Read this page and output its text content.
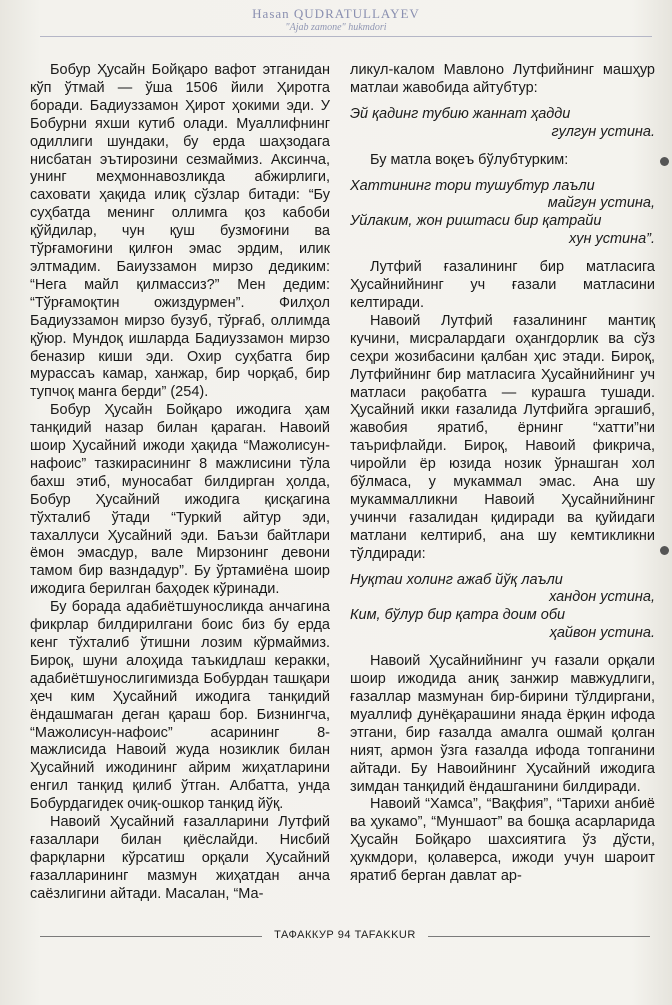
Hasan QUDRATULLAYEV
"Ajab zamone" hukmdori

Бобур Ҳусайн Бойқаро вафот этганидан кўп ўтмай — ўша 1506 йили Ҳиротга боради. Бадиуззамон Ҳирот ҳокими эди. У Бобурни яхши кутиб олади. Муаллифнинг одиллиги шундаки, бу ерда шаҳзодага нисбатан эътирозини сезмаймиз. Аксинча, унинг меҳмоннавозликда абжирлиги, саховати ҳақида илиқ сўзлар битади: “Бу суҳбатда менинг оллимга қоз кабоби қўйдилар, чун қуш бузмоғини ва тўрғамоғини қилғон эмас эрдим, илик элтмадим. Баиуззамон мирзо дедиким: “Нега майл қилмассиз?” Мен дедим: “Тўрғамоқтин ожиздурмен”. Филҳол Бадиуззамон мирзо бузуб, тўрғаб, оллимда қўюр. Мундоқ ишларда Бадиуззамон мирзо беназир киши эди. Охир суҳбатга бир мурассаъ камар, ханжар, бир чорқаб, бир тупчоқ манга берди” (254).

Бобур Ҳусайн Бойқаро ижодига ҳам танқидий назар билан қараган. Навоий шоир Ҳусайний ижоди ҳақида “Мажолисун-нафоис” тазкирасининг 8 мажлисини тўла бахш этиб, муносабат билдирган ҳолда, Бобур Ҳусайний ижодига қисқагина тўхталиб ўтади “Туркий айтур эди, тахаллуси Ҳусайний эди. Баъзи байтлари ёмон эмасдур, вале Мирзонинг девони тамом бир вазндадур”. Бу ўртамиёна шоир ижодига берилган баҳодек кўринади.

Бу борада адабиётшуносликда анчагина фикрлар билдирилгани боис биз бу ерда кенг тўхталиб ўтишни лозим кўрмаймиз. Бироқ, шуни алоҳида таъкидлаш керакки, адабиётшунослигимизда Бобурдан ташқари ҳеч ким Ҳусайний ижодига танқидий ёндашмаган деган қараш бор. Бизнингча, “Мажолисун-нафоис” асарининг 8-мажлисида Навоий жуда нозиклик билан Ҳусайний ижодининг айрим жиҳатларини енгил танқид қилиб ўтган. Албатта, унда Бобурдагидек очиқ-ошкор танқид йўқ.

Навоий Ҳусайний ғазалларини Лутфий ғазаллари билан қиёслайди. Нисбий фарқларни кўрсатиш орқали Ҳусайний ғазалларининг мазмун жиҳатдан анча саёзлигини айтади. Масалан, “Ма-

ликул-калом Мавлоно Лутфийнинг машҳур матлаи жавобида айтубтур:

Эй қадинг тубию жаннат ҳадди
гулгун устина.

Бу матла воқеъ бўлубтурким:

Хаттининг тори тушубтур лаъли
майгун устина,
Уйлаким, жон риштаси бир қатрайи
хун устина”.

Лутфий ғазалининг бир матласига Ҳусайнийнинг уч ғазали матласини келтиради.

Навоий Лутфий ғазалининг мантиқ кучини, мисралардаги оҳангдорлик ва сўз сеҳри жозибасини қалбан ҳис этади. Бироқ, Лутфийнинг бир матласига Ҳусайнийнинг уч матласи рақобатга — курашга тушади. Ҳусайний икки ғазалида Лутфийга эргашиб, жавобия яратиб, ёрнинг “хатти”ни таърифлайди. Бироқ, Навоий фикрича, чиройли ёр юзида нозик ўрнашган хол бўлмаса, у мукаммал эмас. Ана шу мукаммалликни Навоий Ҳусайнийнинг учинчи ғазалидан қидиради ва қуйидаги матлани келтириб, ана шу кемтикликни тўлдиради:

Нуқтаи холинг ажаб йўқ лаъли
хандон устина,
Ким, бўлур бир қатра доим оби
ҳайвон устина.

Навоий Ҳусайнийнинг уч ғазали орқали шоир ижодида аниқ занжир мавжудлиги, ғазаллар мазмунан бир-бирини тўлдиргани, муаллиф дунёқарашини янада ёрқин ифода этгани, бир ғазалда амалга ошмай қолган ният, армон ўзга ғазалда ифода топганини айтади. Бу Навоийнинг Ҳусайний ижодига зимдан танқидий ёндашганини билдиради.

Навоий “Хамса”, “Вақфия”, “Тарихи анбиё ва ҳукамо”, “Муншаот” ва бошқа асарларида Ҳусайн Бойқаро шахсиятига ўз дўсти, ҳукмдори, қолаверса, ижоди учун шароит яратиб берган давлат ар-

ТАФАККУР 94 TAFAKKUR
